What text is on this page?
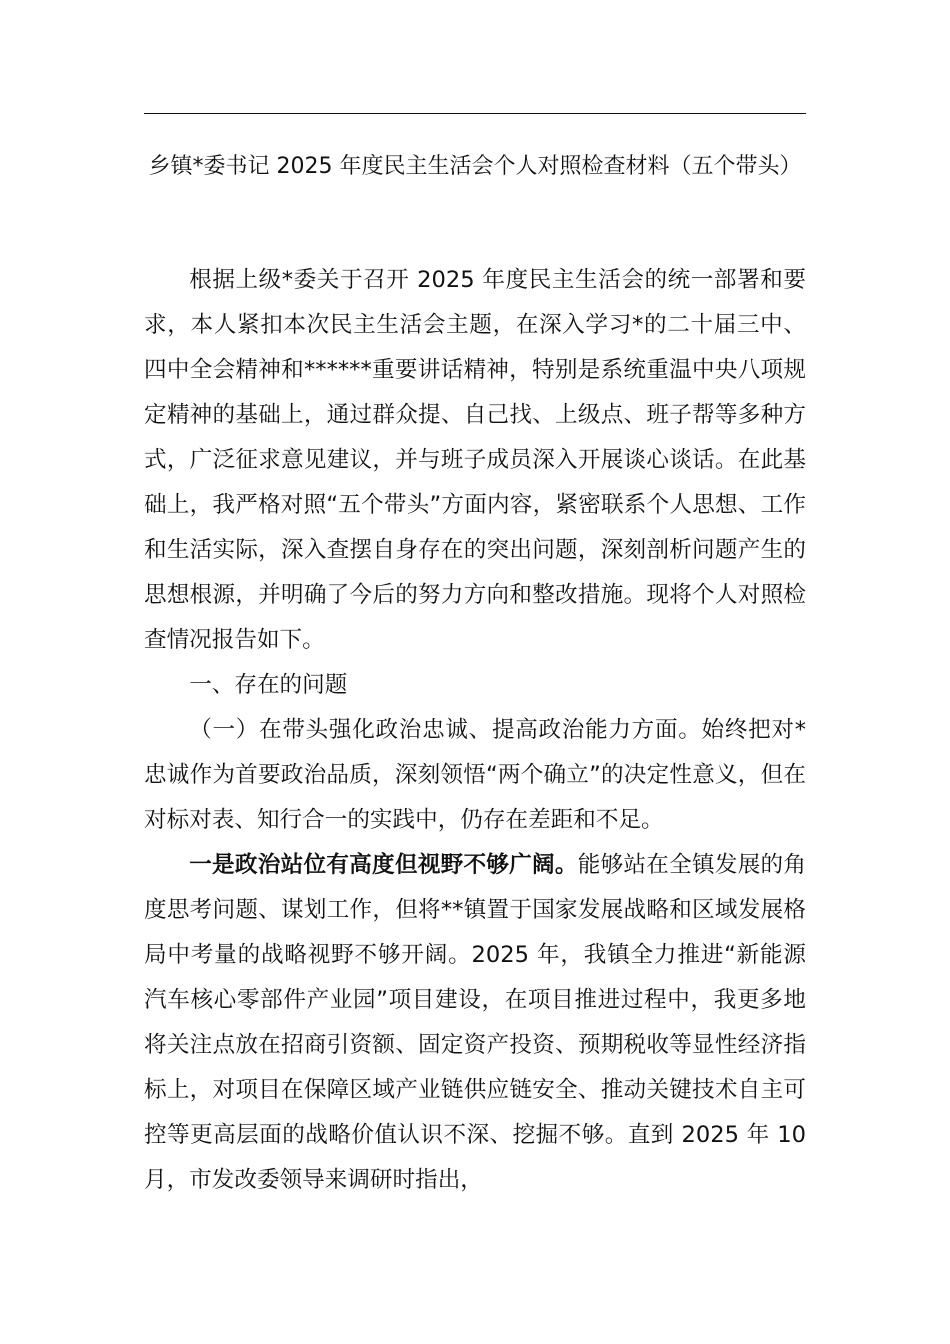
乡镇*委书记 2025 年度民主生活会个人对照检查材料（五个带头）

根据上级*委关于召开 2025 年度民主生活会的统一部署和要求，本人紧扣本次民主生活会主题，在深入学习*的二十届三中、四中全会精神和******重要讲话精神，特别是系统重温中央八项规定精神的基础上，通过群众提、自己找、上级点、班子帮等多种方式，广泛征求意见建议，并与班子成员深入开展谈心谈话。在此基础上，我严格对照“五个带头”方面内容，紧密联系个人思想、工作和生活实际，深入查摆自身存在的突出问题，深刻剖析问题产生的思想根源，并明确了今后的努力方向和整改措施。现将个人对照检查情况报告如下。

一、存在的问题

（一）在带头强化政治忠诚、提高政治能力方面。始终把对*忠诚作为首要政治品质，深刻领悟“两个确立”的决定性意义，但在对标对表、知行合一的实践中，仍存在差距和不足。

一是政治站位有高度但视野不够广阔。能够站在全镇发展的角度思考问题、谋划工作，但将**镇置于国家发展战略和区域发展格局中考量的战略视野不够开阔。2025 年，我镇全力推进“新能源汽车核心零部件产业园”项目建设，在项目推进过程中，我更多地将关注点放在招商引资额、固定资产投资、预期税收等显性经济指标上，对项目在保障区域产业链供应链安全、推动关键技术自主可控等更高层面的战略价值认识不深、挖掘不够。直到 2025 年 10 月，市发改委领导来调研时指出，
